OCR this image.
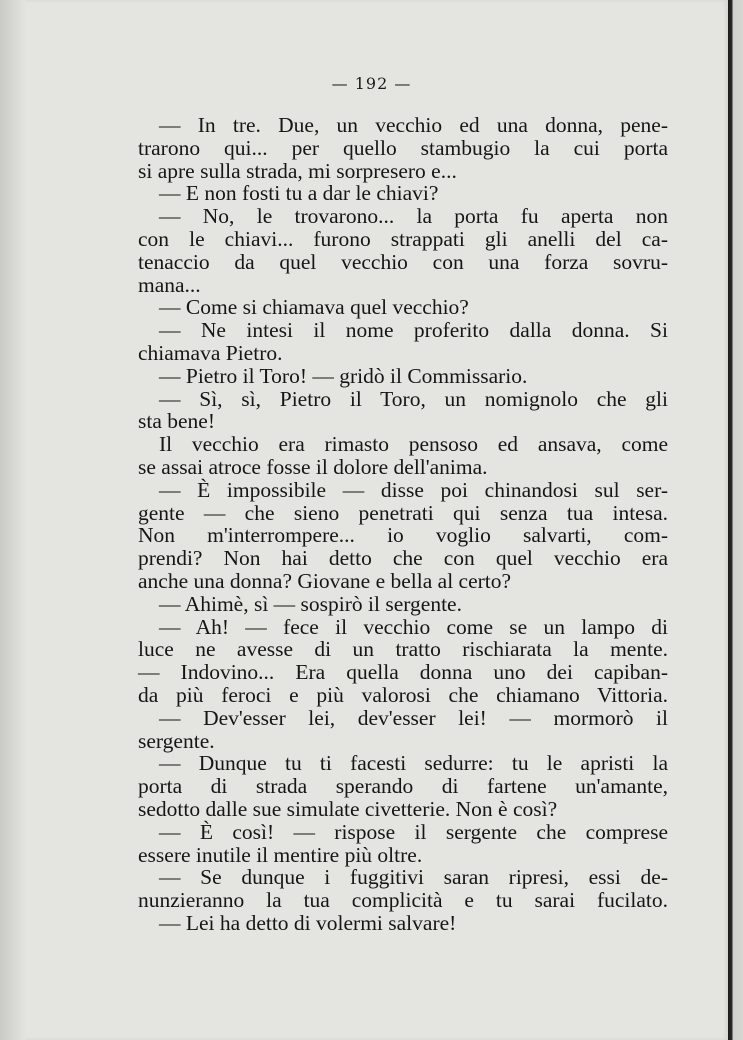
— 192 —
— In tre. Due, un vecchio ed una donna, pene-
trarono qui... per quello stambugio la cui porta
si apre sulla strada, mi sorpresero e...
— E non fosti tu a dar le chiavi?
— No, le trovarono... la porta fu aperta non
con le chiavi... furono strappati gli anelli del ca-
tenaccio da quel vecchio con una forza sovru-
mana...
— Come si chiamava quel vecchio?
— Ne intesi il nome proferito dalla donna. Si
chiamava Pietro.
— Pietro il Toro! — gridò il Commissario.
— Sì, sì, Pietro il Toro, un nomignolo che gli
sta bene!
Il vecchio era rimasto pensoso ed ansava, come
se assai atroce fosse il dolore dell'anima.
— È impossibile — disse poi chinandosi sul ser-
gente — che sieno penetrati qui senza tua intesa.
Non m'interrompere... io voglio salvarti, com-
prendi? Non hai detto che con quel vecchio era
anche una donna? Giovane e bella al certo?
— Ahimè, sì — sospirò il sergente.
— Ah! — fece il vecchio come se un lampo di
luce ne avesse di un tratto rischiarata la mente.
— Indovino... Era quella donna uno dei capiban-
da più feroci e più valorosi che chiamano Vittoria.
— Dev'esser lei, dev'esser lei! — mormorò il
sergente.
— Dunque tu ti facesti sedurre: tu le apristi la
porta di strada sperando di fartene un'amante,
sedotto dalle sue simulate civetterie. Non è così?
— È così! — rispose il sergente che comprese
essere inutile il mentire più oltre.
— Se dunque i fuggitivi saran ripresi, essi de-
nunzieranno la tua complicità e tu sarai fucilato.
— Lei ha detto di volermi salvare!
